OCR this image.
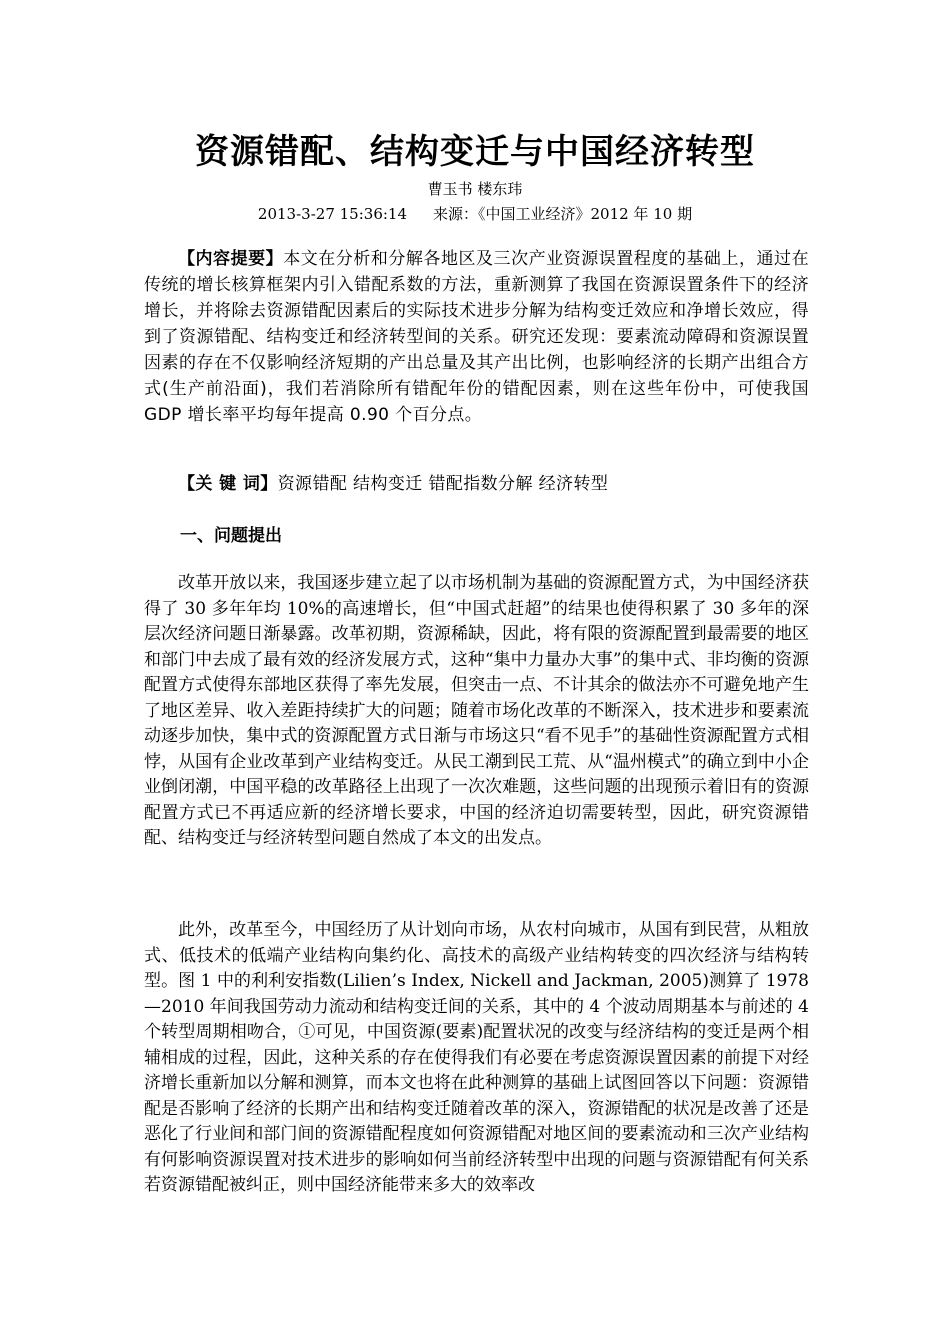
资源错配、结构变迁与中国经济转型
曹玉书 楼东玮
2013-3-27 15:36:14 来源：《中国工业经济》2012 年 10 期
【内容提要】本文在分析和分解各地区及三次产业资源误置程度的基础上，通过在传统的增长核算框架内引入错配系数的方法，重新测算了我国在资源误置条件下的经济增长，并将除去资源错配因素后的实际技术进步分解为结构变迁效应和净增长效应，得到了资源错配、结构变迁和经济转型间的关系。研究还发现：要素流动障碍和资源误置因素的存在不仅影响经济短期的产出总量及其产出比例，也影响经济的长期产出组合方式(生产前沿面)，我们若消除所有错配年份的错配因素，则在这些年份中，可使我国 GDP 增长率平均每年提高 0.90 个百分点。
【关 键 词】资源错配 结构变迁 错配指数分解 经济转型
一、问题提出
改革开放以来，我国逐步建立起了以市场机制为基础的资源配置方式，为中国经济获得了 30 多年年均 10%的高速增长，但“中国式赶超”的结果也使得积累了 30 多年的深层次经济问题日渐暴露。改革初期，资源稀缺，因此，将有限的资源配置到最需要的地区和部门中去成了最有效的经济发展方式，这种“集中力量办大事”的集中式、非均衡的资源配置方式使得东部地区获得了率先发展，但突击一点、不计其余的做法亦不可避免地产生了地区差异、收入差距持续扩大的问题；随着市场化改革的不断深入，技术进步和要素流动逐步加快，集中式的资源配置方式日渐与市场这只“看不见手”的基础性资源配置方式相悖，从国有企业改革到产业结构变迁。从民工潮到民工荒、从“温州模式”的确立到中小企业倒闭潮，中国平稳的改革路径上出现了一次次难题，这些问题的出现预示着旧有的资源配置方式已不再适应新的经济增长要求，中国的经济迫切需要转型，因此，研究资源错配、结构变迁与经济转型问题自然成了本文的出发点。
此外，改革至今，中国经历了从计划向市场，从农村向城市，从国有到民营，从粗放式、低技术的低端产业结构向集约化、高技术的高级产业结构转变的四次经济与结构转型。图 1 中的利利安指数(Lilien’s Index, Nickell and Jackman, 2005)测算了 1978—2010 年间我国劳动力流动和结构变迁间的关系，其中的 4 个波动周期基本与前述的 4 个转型周期相吻合，①可见，中国资源(要素)配置状况的改变与经济结构的变迁是两个相辅相成的过程，因此，这种关系的存在使得我们有必要在考虑资源误置因素的前提下对经济增长重新加以分解和测算，而本文也将在此种测算的基础上试图回答以下问题：资源错配是否影响了经济的长期产出和结构变迁随着改革的深入，资源错配的状况是改善了还是恶化了行业间和部门间的资源错配程度如何资源错配对地区间的要素流动和三次产业结构有何影响资源误置对技术进步的影响如何当前经济转型中出现的问题与资源错配有何关系若资源错配被纠正，则中国经济能带来多大的效率改
